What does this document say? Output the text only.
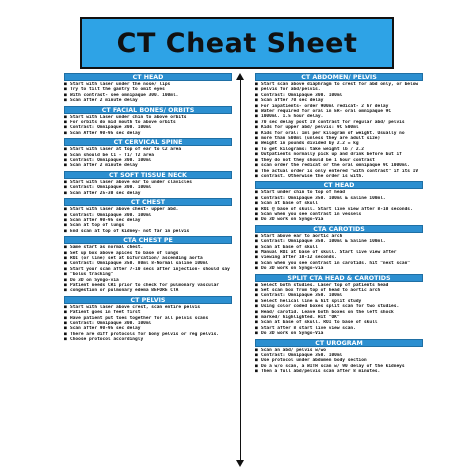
CT Cheat Sheet
CT HEAD
■ Start with laser under the nose/ lips
■ Try to tilt the gantry to omit eyes
■ With contrast- see omnipaque 300. 100ml.
■ Scan after 2 minute delay
CT FACIAL BONES/ ORBITS
■ Start with Laser under chin to above orbits
■ For orbits do mid mouth to above orbits
■ Contrast: Omnipaque 300. 100ml
■ Scan After 90-95 sec delay
CT CERVICAL SPINE
■ Start with laser at top of ear to C2 area
■ Scan should be C1 - T1/ T2 area
■ Contrast: Omnipaque 300. 100ml
■ Scan after 2 minute delay
CT SOFT TISSUE NECK
■ Start with laser above ear to under clavicles
■ Contrast: Omnipaque 300. 100ml
■ Scan after 25-30 sec delay
CT CHEST
■ Start with laser above chest- upper abd.
■ Contrast: Omnipaque 300. 100ml
■ Scan after 90-95 sec delay
■ Scan at top of lungs
■ End scan at top of kidney- not far in pelvis
CTA CHEST PE
■ Same start as normal chest.
■ Set up box above apices to base of lungs
■ ROI (or line) set at bifurcation/ ascending aorta
■ Contrast: Omnipaque 350. 80ml 8-Normal saline 100ml
■ Start your scan after 7-10 secs after injection- should say
■ "bolus tracking"
■ Do 3D on Syngo-via
■ Patient needs CR1 prior to check for pulmonary vascular
■ congestion or pulmonary edema BEFORE CTA
CT PELVIS
■ Start with laser above crest, scan entire pelvis
■ Patient goes in feet first
■ Have patient put toes together for all pelvis scans
■ Contrast: Omnipaque 300. 100ml
■ Scan after 90-95 sec delay
■ There are diff protocols for bony pelvis or reg pelvis.
■ Choose protocol accordingly
CT ABDOMEN/ PELVIS
■ Start scan above diaphragm to crest for abd only, or below
■ pelvis for abd/pelvis.
■ Contrast: Omnipaque 300. 100ml
■ Scan after 70 sec delay
■ For inpatients- order 900ml redicat- 2 hr delay
■ Water required for oral in ER- oral omnipaque 9C
■ 1000ml. 1.5 hour delay.
■ 70 sec delay post IV contrast for regular abd/ pelvis
■ Kids for upper abd/ pelvis: 9C 500ml
■ Kids for oral: 1ml per kilogram of weight. Usually no
■ more than 500ml (unless they are adult size)
■ Weight in pounds divided by 2.2 = kg
■ To get kilograms: take weight lb / 2.2
■ Outpatients normally pick up and drink before but if
■ they do not they should be 1 hour contrast
■ scan order the redicat or the oral omnipaque 9C 1000ml.
■ The actual order is only entered "with contrast" if its IV
■ contrast. Otherwise the order is with.
CT HEAD
■ Start under chin to top of head
■ Contrast: Omnipaque 350. 100ml & saline 100ml.
■ Scan at base of skull
■ ROI @ base of skull. Start live view after 8-10 seconds.
■ Scan when you see contrast in vessels
■ Do 3D work on Syngo-Via
CTA CAROTIDS
■ Start above ear to aortic arch
■ Contrast: Omnipaque 350. 100ml & Saline 100ml.
■ Scan at base of skull
■ Manual ROI at base of skull. Start live view after
■ viewing after 10-12 seconds.
■ Scan when you see contrast in carotids. hit "next scan"
■ Do 3D work on Syngo-via
SPLIT CTA HEAD & CAROTIDS
■ Select both studies. Laser top of patients head
■ Set scan box from top of head to aortic arch
■ Contrast: Omnipaque 350. 100ml
■ Select helical line & hit split study
■ Using color coded boxes split scan for two studies.
■ Head/ carotid. Leave both boxes on the left shock
■ marked/ highlighted. Hit "OK"
■ Scan at base of skull. ROI to base of skull
■ Start after 8 start live view scan.
■ Do 3D work on Syngo-Via
CT UROGRAM
■ Scan an abd/ pelvis w/wo
■ Contrast: Omnipaque 350. 100ml
■ Use protocol under abdomen body section
■ Do a w/o scan, a WITH scan w/ 90 delay of the kidneys
■ Then a full abd/pelvis scan after 8 minutes.
